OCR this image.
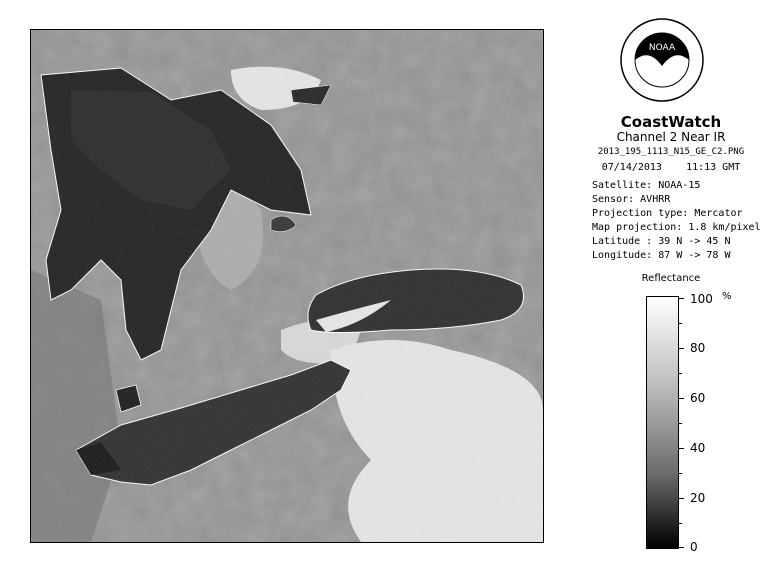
NOAA
CoastWatch
Channel 2 Near IR
2013_195_1113_N15_GE_C2.PNG
07/14/2013 11:13 GMT
Satellite: NOAA-15
Sensor: AVHRR
Projection type: Mercator
Map projection: 1.8 km/pixel
Latitude : 39 N -> 45 N
Longitude: 87 W -> 78 W
Reflectance
%
100
80
60
40
20
0
